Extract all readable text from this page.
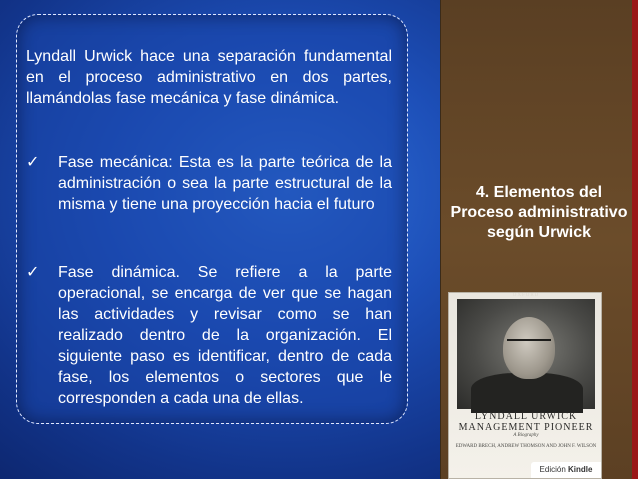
Lyndall Urwick hace una separación fundamental en el proceso administrativo en dos partes, llamándolas fase mecánica y fase dinámica.

✓	Fase mecánica: Esta es la parte teórica de la administración o sea la parte estructural de la misma y tiene una proyección hacia el futuro
✓	Fase dinámica. Se refiere a la parte operacional, se encarga de ver que se hagan las actividades y revisar como se han realizado dentro de la organización. El siguiente paso es identificar, dentro de cada fase, los elementos o sectores que le corresponden a cada una de ellas.
4. Elementos del Proceso administrativo según Urwick
OXFORD
LYNDALL URWICK MANAGEMENT PIONEER
A Biography
EDWARD BRECH, ANDREW THOMSON AND JOHN F. WILSON
Edición Kindle
